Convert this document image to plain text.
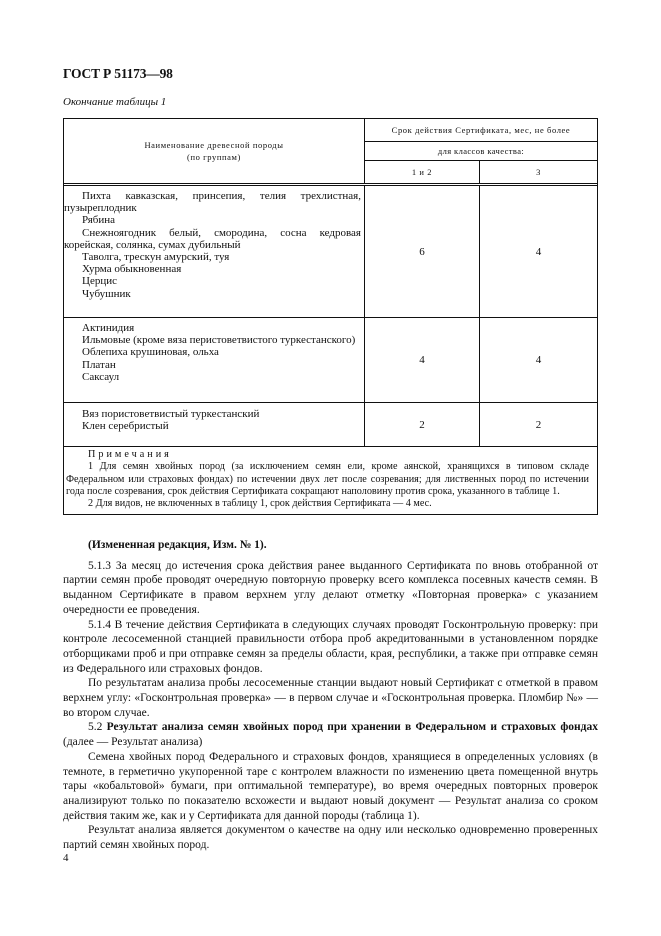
ГОСТ Р 51173—98
Окончание таблицы 1
Наименование древесной породы
(по группам)
Срок действия Сертификата, мес, не более
для классов качества:
1 и 2	3

Пихта кавказская, принсепия, телия трехлистная, пузыреплодник

Рябина

Снежноягодник белый, смородина, сосна кедровая корейская, солянка, сумах дубильный

Таволга, трескун амурский, туя

Хурма обыкновенная

Церцис

Чубушник

6	4

Актинидия

Ильмовые (кроме вяза перистоветвистого туркестанского)

Облепиха крушиновая, ольха

Платан

Саксаул

4	4

Вяз пористоветвистый туркестанский

Клен серебристый	2	2

Примечания

1 Для семян хвойных пород (за исключением семян ели, кроме аянской, хранящихся в типовом складе Федеральном или страховых фондах) по истечении двух лет после созревания; для лиственных пород по истечении года после созревания, срок действия Сертификата сокращают наполовину против срока, указанного в таблице 1.

2 Для видов, не включенных в таблицу 1, срок действия Сертификата — 4 мес.

(Измененная редакция, Изм. № 1).

5.1.3 За месяц до истечения срока действия ранее выданного Сертификата по вновь отобранной от партии семян пробе проводят очередную повторную проверку всего комплекса посевных качеств семян. В выданном Сертификате в правом верхнем углу делают отметку «Повторная проверка» с указанием очередности ее проведения.

5.1.4 В течение действия Сертификата в следующих случаях проводят Госконтрольную проверку: при контроле лесосеменной станцией правильности отбора проб акредитованными в установленном порядке отборщиками проб и при отправке семян за пределы области, края, республики, а также при отправке семян из Федерального или страховых фондов.

По результатам анализа пробы лесосеменные станции выдают новый Сертификат с отметкой в правом верхнем углу: «Госконтрольная проверка» — в первом случае и «Госконтрольная проверка. Пломбир №» — во втором случае.

5.2 Результат анализа семян хвойных пород при хранении в Федеральном и страховых фондах (далее — Результат анализа)

Семена хвойных пород Федерального и страховых фондов, хранящиеся в определенных условиях (в темноте, в герметично укупоренной таре с контролем влажности по изменению цвета помещенной внутрь тары «кобальтовой» бумаги, при оптимальной температуре), во время очередных повторных проверок анализируют только по показателю всхожести и выдают новый документ — Результат анализа со сроком действия таким же, как и у Сертификата для данной породы (таблица 1).

Результат анализа является документом о качестве на одну или несколько одновременно проверенных партий семян хвойных пород.

4
